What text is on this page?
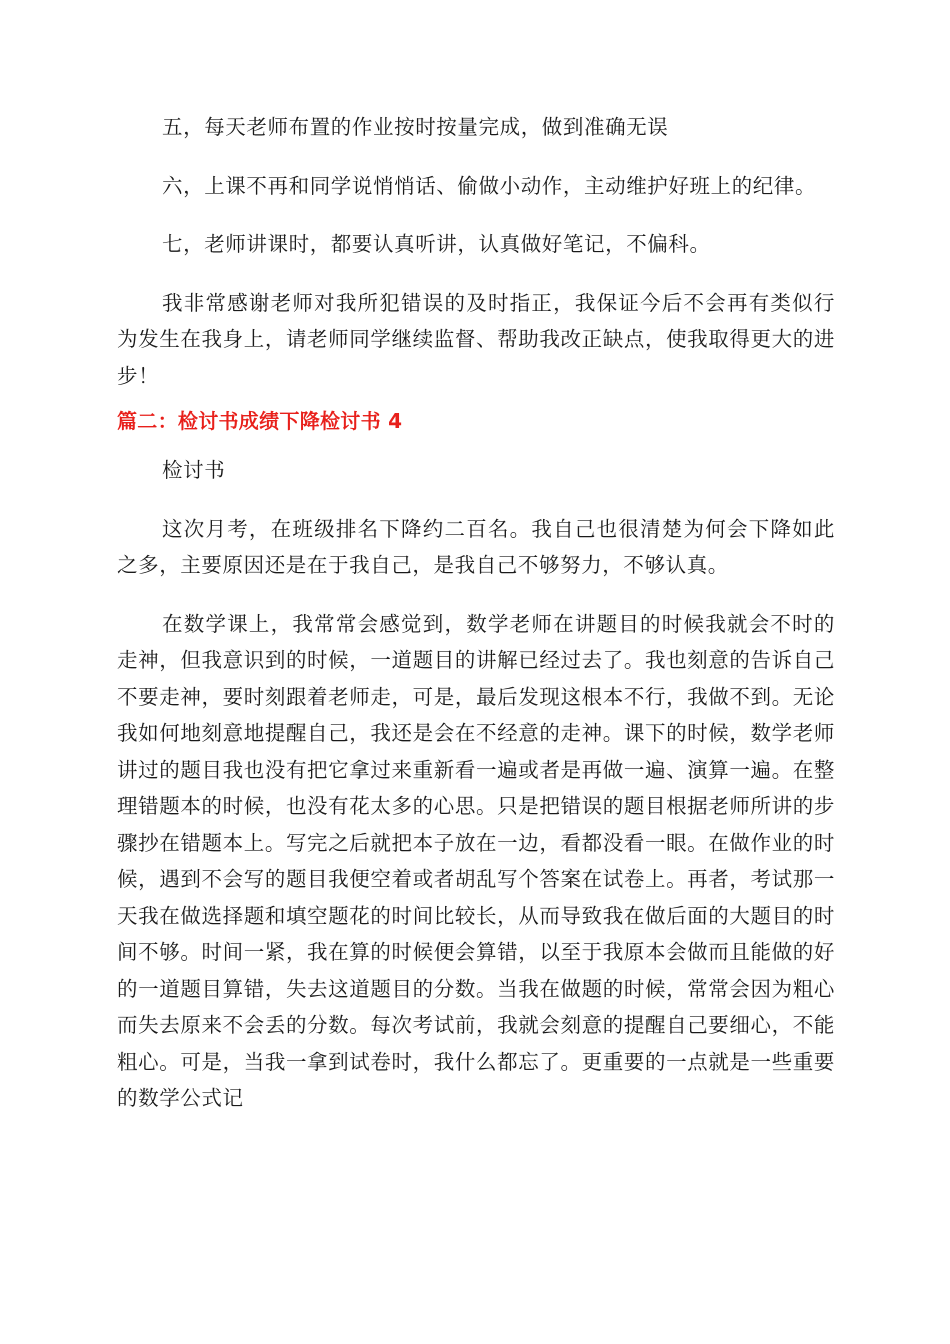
五，每天老师布置的作业按时按量完成，做到准确无误

六，上课不再和同学说悄悄话、偷做小动作，主动维护好班上的纪律。

七，老师讲课时，都要认真听讲，认真做好笔记，不偏科。

我非常感谢老师对我所犯错误的及时指正，我保证今后不会再有类似行为发生在我身上，请老师同学继续监督、帮助我改正缺点，使我取得更大的进步！

篇二：检讨书成绩下降检讨书 4

检讨书

这次月考，在班级排名下降约二百名。我自己也很清楚为何会下降如此之多，主要原因还是在于我自己，是我自己不够努力，不够认真。

在数学课上，我常常会感觉到，数学老师在讲题目的时候我就会不时的走神，但我意识到的时候，一道题目的讲解已经过去了。我也刻意的告诉自己不要走神，要时刻跟着老师走，可是，最后发现这根本不行，我做不到。无论我如何地刻意地提醒自己，我还是会在不经意的走神。课下的时候，数学老师讲过的题目我也没有把它拿过来重新看一遍或者是再做一遍、演算一遍。在整理错题本的时候，也没有花太多的心思。只是把错误的题目根据老师所讲的步骤抄在错题本上。写完之后就把本子放在一边，看都没看一眼。在做作业的时候，遇到不会写的题目我便空着或者胡乱写个答案在试卷上。再者，考试那一天我在做选择题和填空题花的时间比较长，从而导致我在做后面的大题目的时间不够。时间一紧，我在算的时候便会算错，以至于我原本会做而且能做的好的一道题目算错，失去这道题目的分数。当我在做题的时候，常常会因为粗心而失去原来不会丢的分数。每次考试前，我就会刻意的提醒自己要细心，不能粗心。可是，当我一拿到试卷时，我什么都忘了。更重要的一点就是一些重要的数学公式记
